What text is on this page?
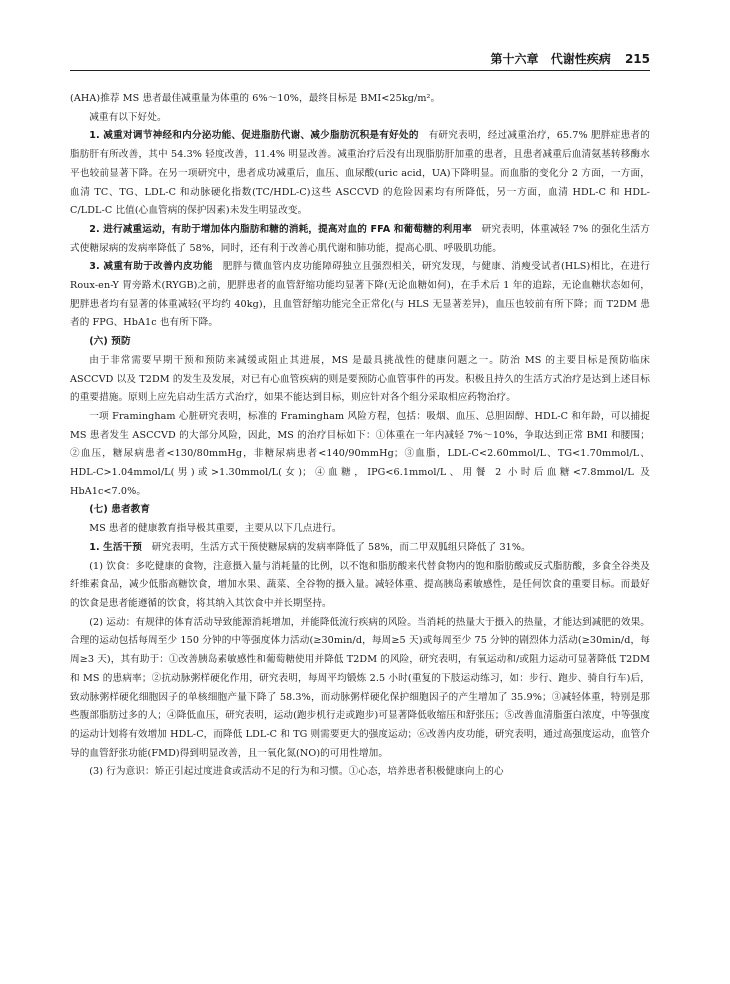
第十六章 代谢性疾病 215

(AHA)推荐 MS 患者最佳减重量为体重的 6%～10%，最终目标是 BMI<25kg/m²。

减重有以下好处。

1. 减重对调节神经和内分泌功能、促进脂肪代谢、减少脂肪沉积是有好处的　有研究表明，经过减重治疗，65.7% 肥胖症患者的脂肪肝有所改善，其中 54.3% 轻度改善，11.4% 明显改善。减重治疗后没有出现脂肪肝加重的患者，且患者减重后血清氨基转移酶水平也较前显著下降。在另一项研究中，患者成功减重后，血压、血尿酸(uric acid，UA)下降明显。而血脂的变化分 2 方面，一方面，血清 TC、TG、LDL-C 和动脉硬化指数(TC/HDL-C)这些 ASCCVD 的危险因素均有所降低，另一方面，血清 HDL-C 和 HDL-C/LDL-C 比值(心血管病的保护因素)未发生明显改变。

2. 进行减重运动，有助于增加体内脂肪和糖的消耗，提高对血的 FFA 和葡萄糖的利用率　研究表明，体重减轻 7% 的强化生活方式使糖尿病的发病率降低了 58%，同时，还有利于改善心肌代谢和肺功能，提高心肌、呼吸肌功能。

3. 减重有助于改善内皮功能　肥胖与微血管内皮功能障碍独立且强烈相关，研究发现，与健康、消瘦受试者(HLS)相比，在进行 Roux-en-Y 胃旁路术(RYGB)之前，肥胖患者的血管舒缩功能均显著下降(无论血糖如何)，在手术后 1 年的追踪，无论血糖状态如何，肥胖患者均有显著的体重减轻(平均约 40kg)，且血管舒缩功能完全正常化(与 HLS 无显著差异)，血压也较前有所下降；而 T2DM 患者的 FPG、HbA1c 也有所下降。

(六) 预防

由于非常需要早期干预和预防来减缓或阻止其进展，MS 是最具挑战性的健康问题之一。防治 MS 的主要目标是预防临床 ASCCVD 以及 T2DM 的发生及发展，对已有心血管疾病的则是要预防心血管事件的再发。积极且持久的生活方式治疗是达到上述目标的重要措施。原则上应先启动生活方式治疗，如果不能达到目标，则应针对各个组分采取相应药物治疗。

一项 Framingham 心脏研究表明，标准的 Framingham 风险方程，包括：吸烟、血压、总胆固醇、HDL-C 和年龄，可以捕捉 MS 患者发生 ASCCVD 的大部分风险，因此，MS 的治疗目标如下：①体重在一年内减轻 7%～10%，争取达到正常 BMI 和腰围；②血压，糖尿病患者<130/80mmHg，非糖尿病患者<140/90mmHg；③血脂，LDL-C<2.60mmol/L、TG<1.70mmol/L、HDL-C>1.04mmol/L(男)或>1.30mmol/L(女)；④血糖，IPG<6.1mmol/L、用餐 2 小时后血糖<7.8mmol/L 及 HbA1c<7.0%。

(七) 患者教育

MS 患者的健康教育指导极其重要，主要从以下几点进行。

1. 生活干预　研究表明，生活方式干预使糖尿病的发病率降低了 58%，而二甲双胍组只降低了 31%。

(1) 饮食：多吃健康的食物，注意摄入量与消耗量的比例，以不饱和脂肪酸来代替食物内的饱和脂肪酸或反式脂肪酸，多食全谷类及纤维素食品，减少低脂高糖饮食，增加水果、蔬菜、全谷物的摄入量。减轻体重、提高胰岛素敏感性，是任何饮食的重要目标。而最好的饮食是患者能遵循的饮食，将其纳入其饮食中并长期坚持。

(2) 运动：有规律的体育活动导致能源消耗增加，并能降低流行疾病的风险。当消耗的热量大于摄入的热量，才能达到减肥的效果。合理的运动包括每周至少 150 分钟的中等强度体力活动(≥30min/d，每周≥5 天)或每周至少 75 分钟的剧烈体力活动(≥30min/d，每周≥3 天)，其有助于：①改善胰岛素敏感性和葡萄糖使用并降低 T2DM 的风险，研究表明，有氧运动和/或阻力运动可显著降低 T2DM 和 MS 的患病率；②抗动脉粥样硬化作用，研究表明，每周平均锻炼 2.5 小时(重复的下肢运动练习，如：步行、跑步、骑自行车)后，致动脉粥样硬化细胞因子的单核细胞产量下降了 58.3%，而动脉粥样硬化保护细胞因子的产生增加了 35.9%；③减轻体重，特别是那些腹部脂肪过多的人；④降低血压，研究表明，运动(跑步机行走或跑步)可显著降低收缩压和舒张压；⑤改善血清脂蛋白浓度，中等强度的运动计划将有效增加 HDL-C，而降低 LDL-C 和 TG 则需要更大的强度运动；⑥改善内皮功能，研究表明，通过高强度运动，血管介导的血管舒张功能(FMD)得到明显改善，且一氧化氮(NO)的可用性增加。

(3) 行为意识：矫正引起过度进食或活动不足的行为和习惯。①心态，培养患者积极健康向上的心
